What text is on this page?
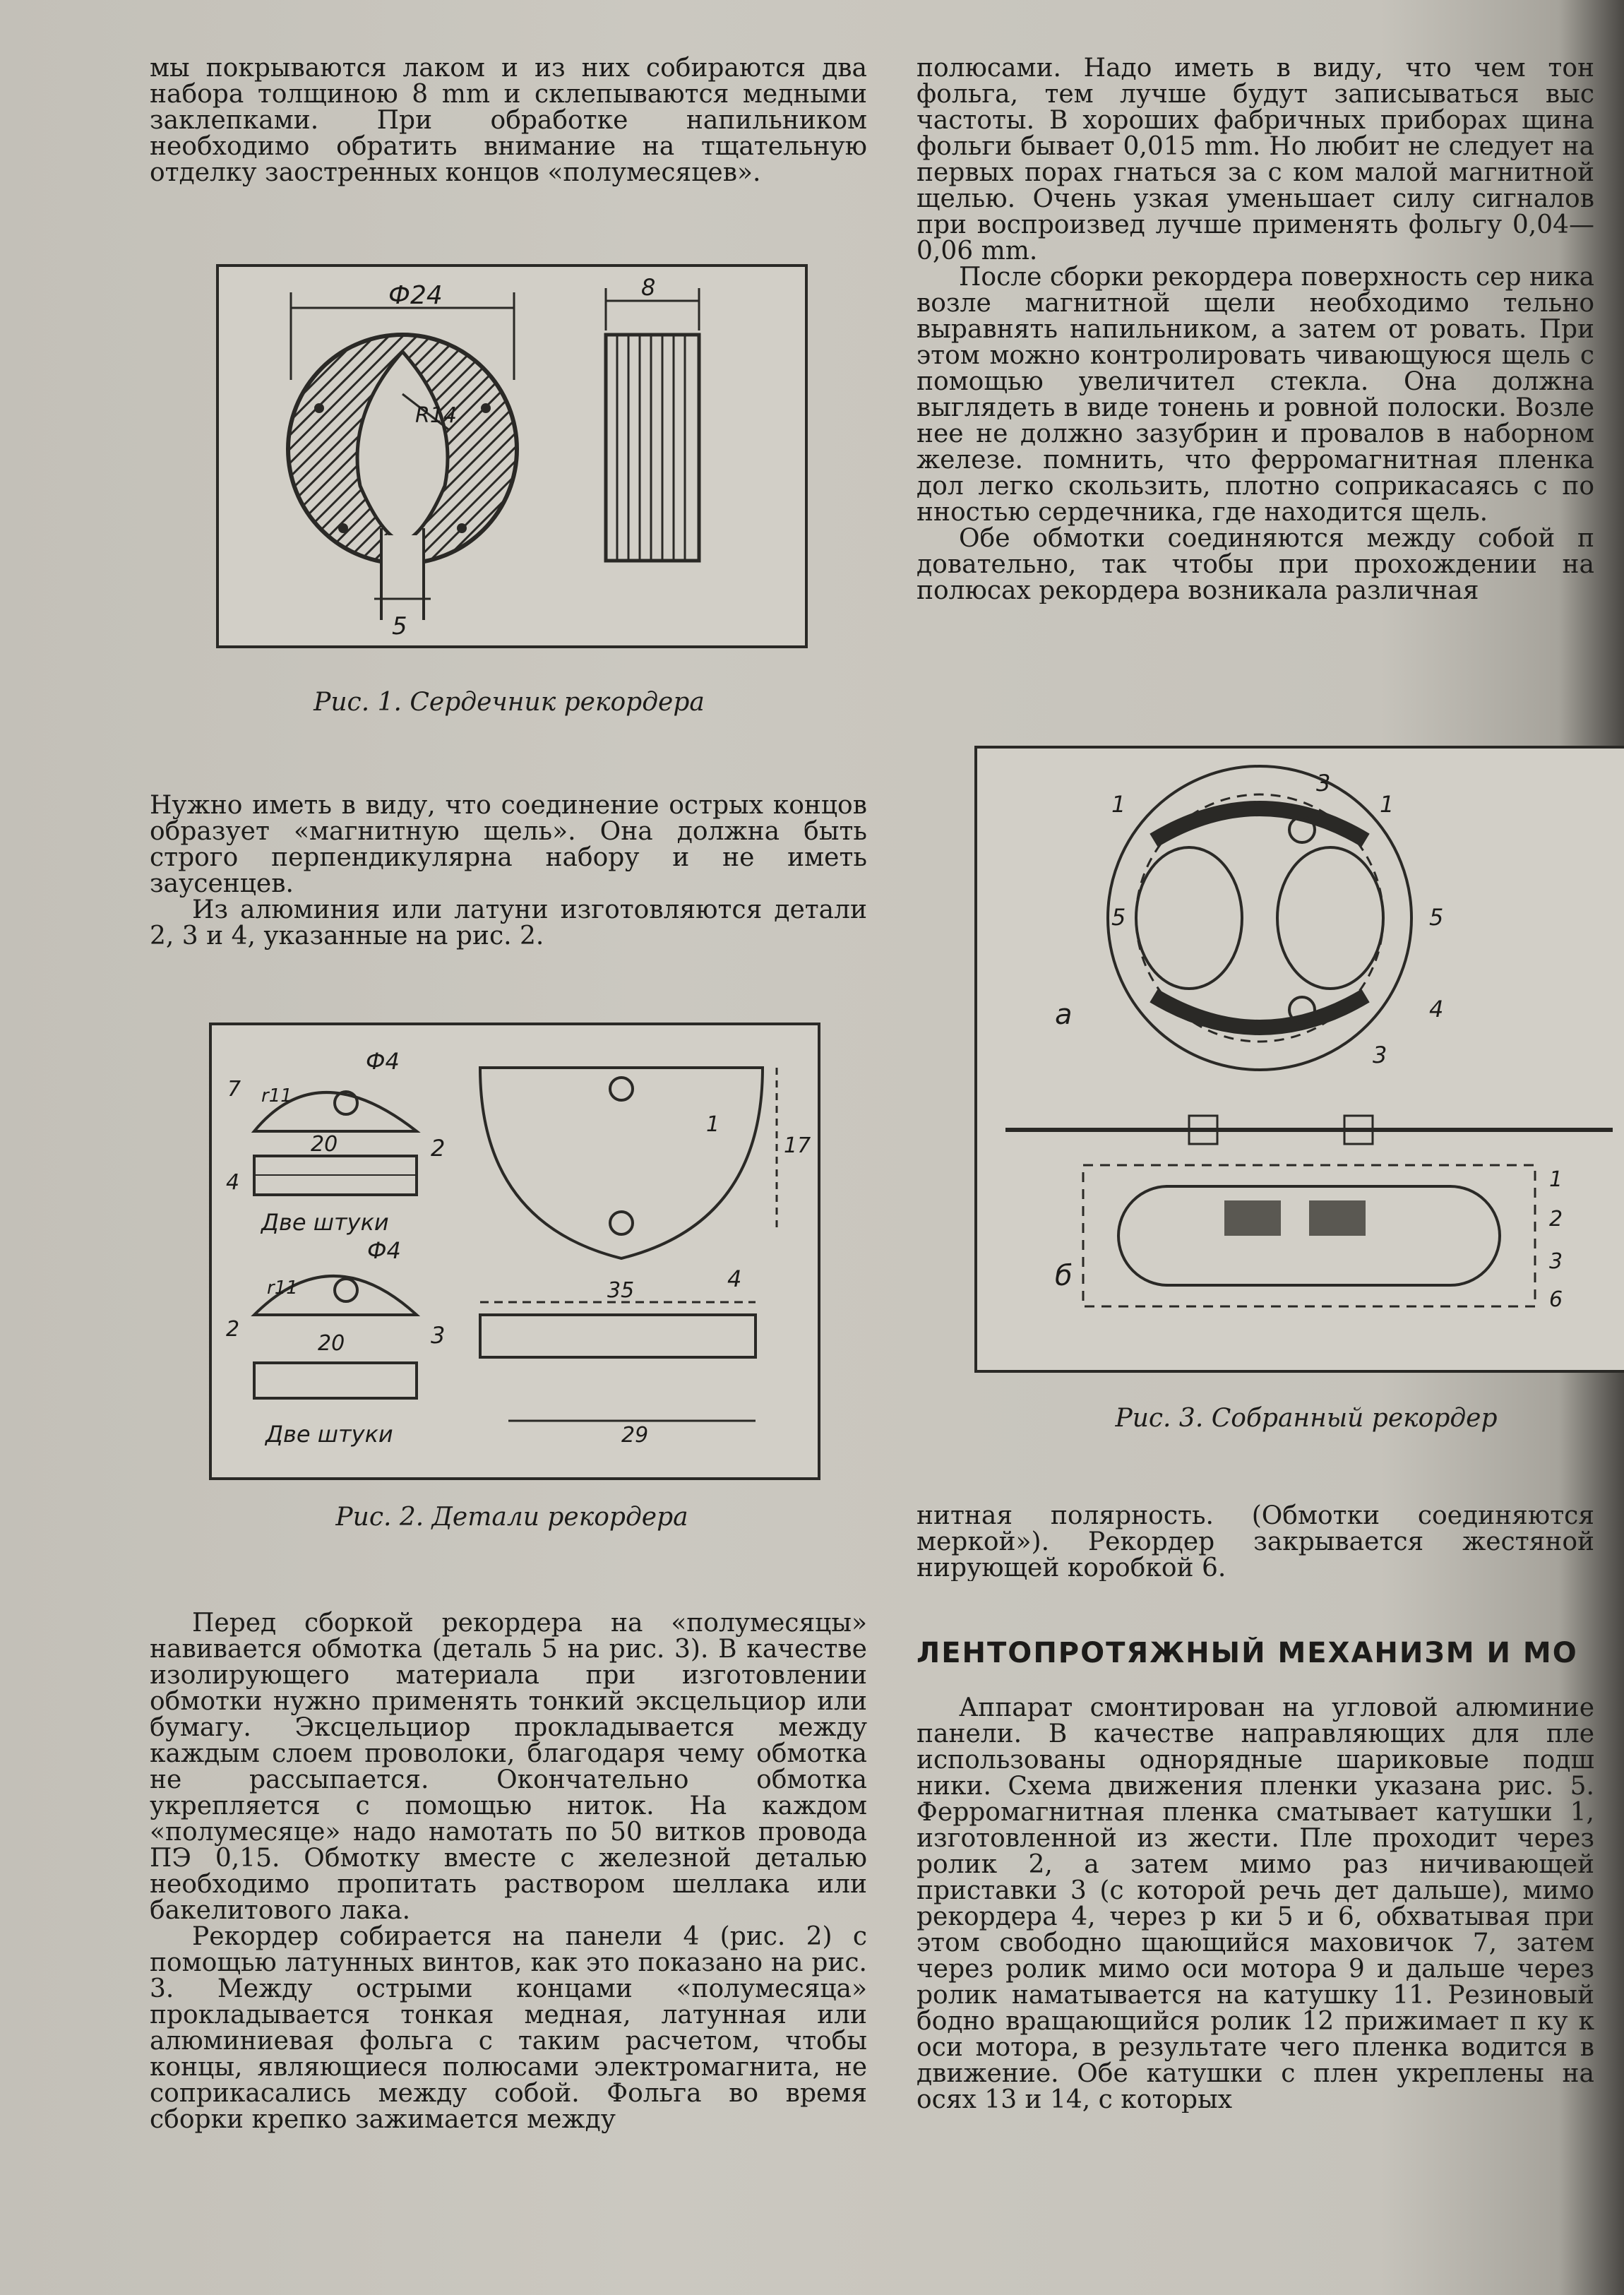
мы покрываются лаком и из них собираются два набора толщиною 8 mm и склепываются медными заклепками. При обработке напильником необходимо обратить внимание на тщательную отделку заостренных концов «полумесяцев».

Ф24
5
R14
8
Рис. 1. Сердечник рекордера

Нужно иметь в виду, что соединение острых концов образует «магнитную щель». Она должна быть строго перпендикулярна набору и не иметь заусенцев.

Из алюминия или латуни изготовляются детали 2, 3 и 4, указанные на рис. 2.

Ф4
r11
7
20
4
2
Две штуки
Ф4
r11
2
20	3
Две штуки
17
1
4
35
29
Рис. 2. Детали рекордера

Перед сборкой рекордера на «полумесяцы» навивается обмотка (деталь 5 на рис. 3). В качестве изолирующего материала при изготовлении обмотки нужно применять тонкий эксцельциор или бумагу. Эксцельциор прокладывается между каждым слоем проволоки, благодаря чему обмотка не рассыпается. Окончательно обмотка укрепляется с помощью ниток. На каждом «полумесяце» надо намотать по 50 витков провода ПЭ 0,15. Обмотку вместе с железной деталью необходимо пропитать раствором шеллака или бакелитового лака.

Рекордер собирается на панели 4 (рис. 2) с помощью латунных винтов, как это показано на рис. 3. Между острыми концами «полумесяца» прокладывается тонкая медная, латунная или алюминиевая фольга с таким расчетом, чтобы концы, являющиеся полюсами электромагнита, не соприкасались между собой. Фольга во время сборки крепко зажимается между

полюсами. Надо иметь в виду, что чем тон фольга, тем лучше будут записываться выс частоты. В хороших фабричных приборах щина фольги бывает 0,015 mm. Но любит не следует на первых порах гнаться за с ком малой магнитной щелью. Очень узкая уменьшает силу сигналов при воспроизвед лучше применять фольгу 0,04—0,06 mm.

После сборки рекордера поверхность сер ника возле магнитной щели необходимо тельно выравнять напильником, а затем от ровать. При этом можно контролировать чивающуюся щель с помощью увеличител стекла. Она должна выглядеть в виде тонень и ровной полоски. Возле нее не должно зазубрин и провалов в наборном железе. помнить, что ферромагнитная пленка дол легко скользить, плотно соприкасаясь с по нностью сердечника, где находится щель.

Обе обмотки соединяются между собой п довательно, так чтобы при прохождении на полюсах рекордера возникала различная

1	1
3
5	5
4
3
а
1
2
3
6
б
Рис. 3. Собранный рекордер

нитная полярность. (Обмотки соединяются меркой»). Рекордер закрывается жестяной нирующей коробкой 6.

ЛЕНТОПРОТЯЖНЫЙ МЕХАНИЗМ И МО

Аппарат смонтирован на угловой алюминие панели. В качестве направляющих для пле использованы однорядные шариковые подш ники. Схема движения пленки указана рис. 5. Ферромагнитная пленка сматывает катушки 1, изготовленной из жести. Пле проходит через ролик 2, а затем мимо раз ничивающей приставки 3 (с которой речь дет дальше), мимо рекордера 4, через р ки 5 и 6, обхватывая при этом свободно щающийся маховичок 7, затем через ролик мимо оси мотора 9 и дальше через ролик наматывается на катушку 11. Резиновый бодно вращающийся ролик 12 прижимает п ку к оси мотора, в результате чего пленка водится в движение. Обе катушки с плен укреплены на осях 13 и 14, с которых
